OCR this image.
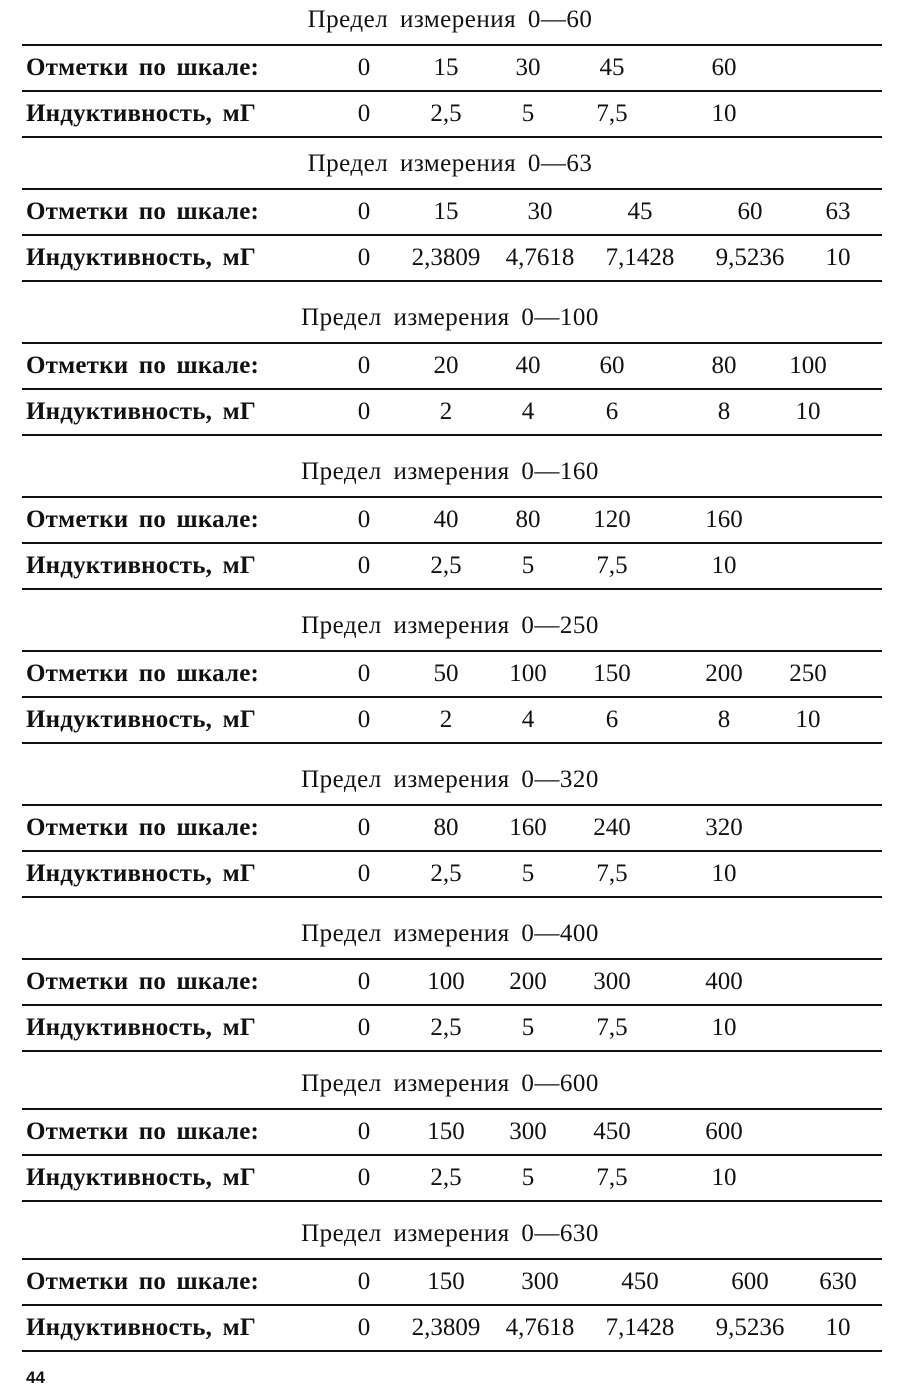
Предел измерения 0—60
Отметки по шкале:	0	15	30	45	60
Индуктивность, мГ	0	2,5	5	7,5	10
Предел измерения 0—63
Отметки по шкале:	0	15	30	45	60	63
Индуктивность, мГ	0	2,3809	4,7618	7,1428	9,5236	10
Предел измерения 0—100
Отметки по шкале:	0	20	40	60	80	100
Индуктивность, мГ	0	2	4	6	8	10
Предел измерения 0—160
Отметки по шкале:	0	40	80	120	160
Индуктивность, мГ	0	2,5	5	7,5	10
Предел измерения 0—250
Отметки по шкале:	0	50	100	150	200	250
Индуктивность, мГ	0	2	4	6	8	10
Предел измерения 0—320
Отметки по шкале:	0	80	160	240	320
Индуктивность, мГ	0	2,5	5	7,5	10
Предел измерения 0—400
Отметки по шкале:	0	100	200	300	400
Индуктивность, мГ	0	2,5	5	7,5	10
Предел измерения 0—600
Отметки по шкале:	0	150	300	450	600
Индуктивность, мГ	0	2,5	5	7,5	10
Предел измерения 0—630
Отметки по шкале:	0	150	300	450	600	630
Индуктивность, мГ	0	2,3809	4,7618	7,1428	9,5236	10
44
